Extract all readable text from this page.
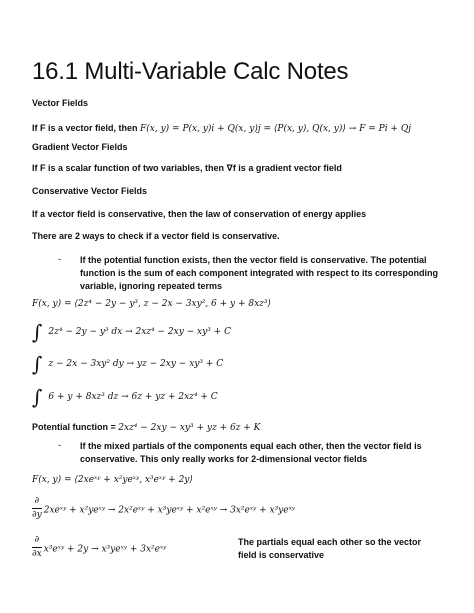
16.1 Multi-Variable Calc Notes
Vector Fields
If F is a vector field, then F(x, y) = P(x, y)i + Q(x, y)j = ⟨P(x, y), Q(x, y)⟩ → F = Pi + Qj
Gradient Vector Fields
If F is a scalar function of two variables, then ∇f is a gradient vector field
Conservative Vector Fields
If a vector field is conservative, then the law of conservation of energy applies
There are 2 ways to check if a vector field is conservative.
- If the potential function exists, then the vector field is conservative. The potential function is the sum of each component integrated with respect to its corresponding variable, ignoring repeated terms
F(x, y) = ⟨2z⁴ − 2y − y³, z − 2x − 3xy², 6 + y + 8xz³⟩
∫ 2z⁴ − 2y − y³ dx → 2xz⁴ − 2xy − xy³ + C
∫ z − 2x − 3xy² dy → yz − 2xy − xy³ + C
∫ 6 + y + 8xz³ dz → 6z + yz + 2xz⁴ + C
Potential function = 2xz⁴ − 2xy − xy³ + yz + 6z + K
- If the mixed partials of the components equal each other, then the vector field is conservative. This only really works for 2-dimensional vector fields
F(x, y) = ⟨2xeˣʸ + x²yeˣʸ, x³eˣʸ + 2y⟩
$\frac{\partial}{\partial y}$ 2xeˣʸ + x²yeˣʸ → 2x²eˣʸ + x³yeˣʸ + x²eˣʸ → 3x²eˣʸ + x³yeˣʸ
$\frac{\partial}{\partial x}$ x³eˣʸ + 2y → x³yeˣʸ + 3x²eˣʸ
The partials equal each other so the vector field is conservative
